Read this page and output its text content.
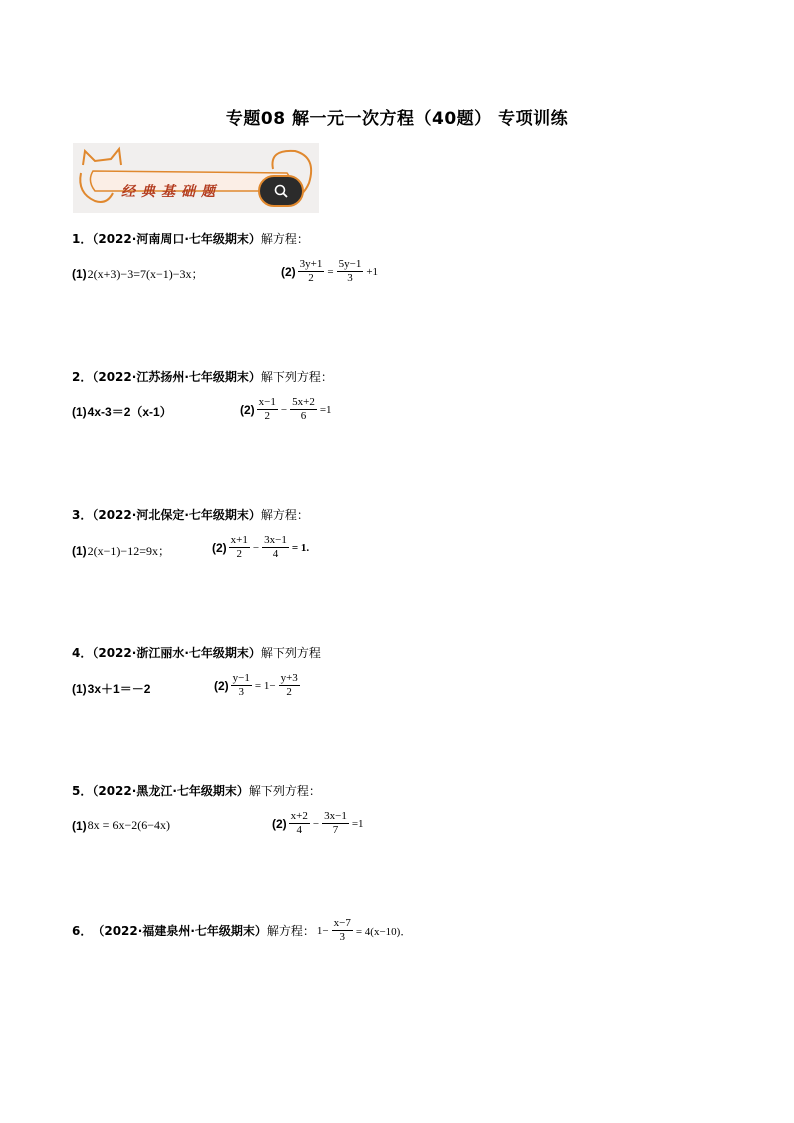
专题08 解一元一次方程（40题） 专项训练
经典基础题
1．（2022·河南周口·七年级期末）解方程：
(1) 2(x+3)−3=7(x−1)−3x；	$(2) \frac{3y+1}{2} = \frac{5y-1}{3} +1$
2．（2022·江苏扬州·七年级期末）解下列方程：
(1) 4x-3＝2（x-1）	$(2) \frac{x-1}{2} - \frac{5x+2}{6} =1$
3．（2022·河北保定·七年级期末）解方程：
(1) 2(x−1)−12=9x；	$(2) \frac{x+1}{2} - \frac{3x-1}{4} = 1$.
4．（2022·浙江丽水·七年级期末）解下列方程
(1) 3x＋1＝－2	$(2) \frac{y-1}{3} = 1- \frac{y+3}{2}$
5．（2022·黑龙江·七年级期末）解下列方程：
(1) 8x = 6x−2(6−4x)	$(2) \frac{x+2}{4} - \frac{3x-1}{7} =1$
6． （2022·福建泉州·七年级期末） 解方程： $1- \frac{x-7}{3} = 4(x-10)$．
